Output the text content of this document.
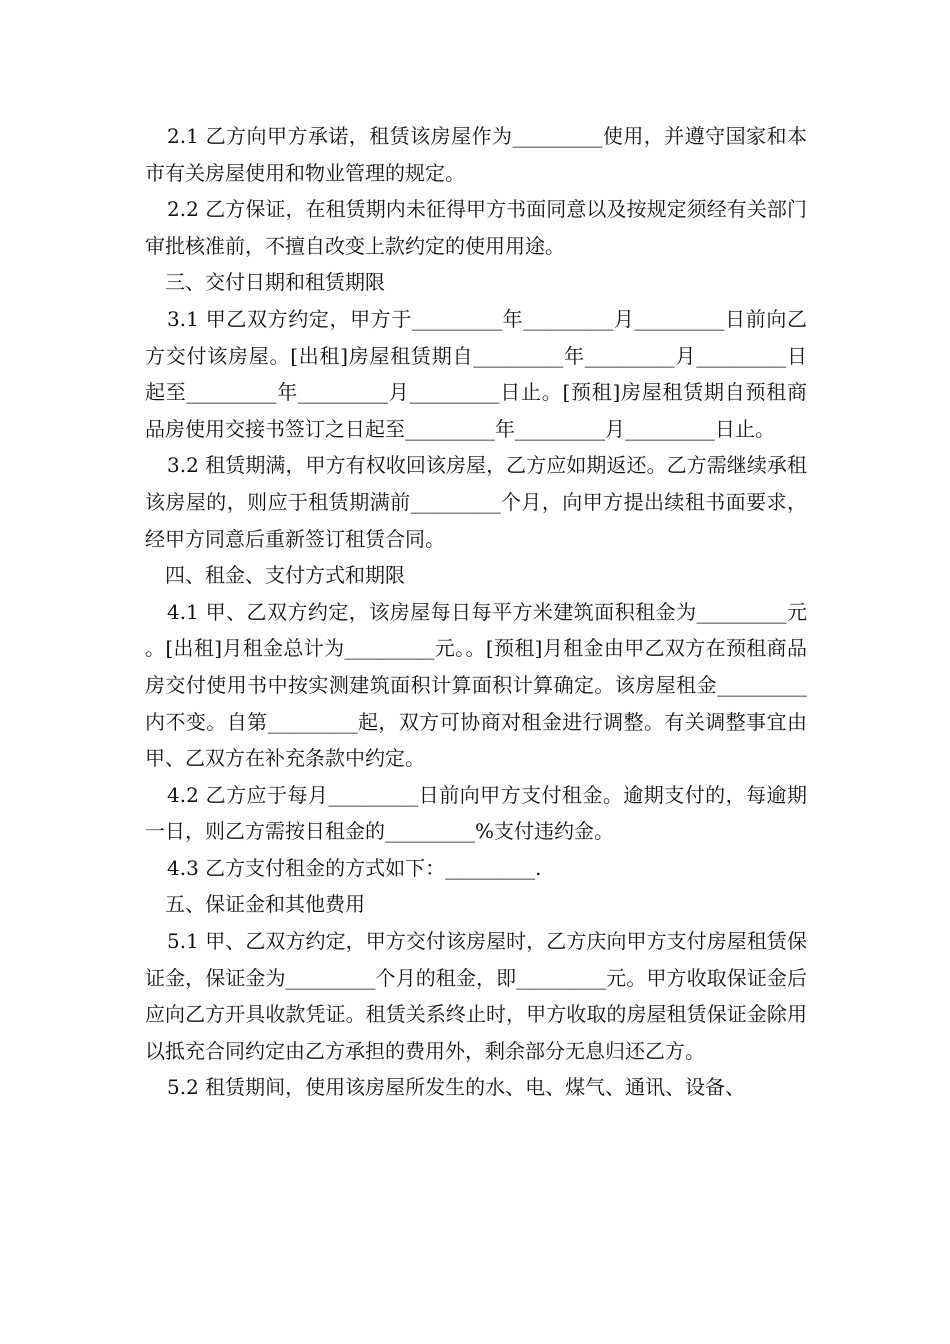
2.1 乙方向甲方承诺，租赁该房屋作为_________使用，并遵守国家和本市有关房屋使用和物业管理的规定。

2.2 乙方保证，在租赁期内未征得甲方书面同意以及按规定须经有关部门审批核准前，不擅自改变上款约定的使用用途。

三、交付日期和租赁期限

3.1 甲乙双方约定，甲方于_________年_________月_________日前向乙方交付该房屋。[出租]房屋租赁期自_________年_________月_________日起至_________年_________月_________日止。[预租]房屋租赁期自预租商品房使用交接书签订之日起至_________年_________月_________日止。

3.2 租赁期满，甲方有权收回该房屋，乙方应如期返还。乙方需继续承租该房屋的，则应于租赁期满前_________个月，向甲方提出续租书面要求，经甲方同意后重新签订租赁合同。

四、租金、支付方式和期限

4.1 甲、乙双方约定，该房屋每日每平方米建筑面积租金为_________元。[出租]月租金总计为_________元。。[预租]月租金由甲乙双方在预租商品房交付使用书中按实测建筑面积计算面积计算确定。该房屋租金_________内不变。自第_________起，双方可协商对租金进行调整。有关调整事宜由甲、乙双方在补充条款中约定。

4.2 乙方应于每月_________日前向甲方支付租金。逾期支付的，每逾期一日，则乙方需按日租金的_________%支付违约金。

4.3 乙方支付租金的方式如下：_________.

五、保证金和其他费用

5.1 甲、乙双方约定，甲方交付该房屋时，乙方庆向甲方支付房屋租赁保证金，保证金为_________个月的租金，即_________元。甲方收取保证金后应向乙方开具收款凭证。租赁关系终止时，甲方收取的房屋租赁保证金除用以抵充合同约定由乙方承担的费用外，剩余部分无息归还乙方。

5.2 租赁期间，使用该房屋所发生的水、电、煤气、通讯、设备、
